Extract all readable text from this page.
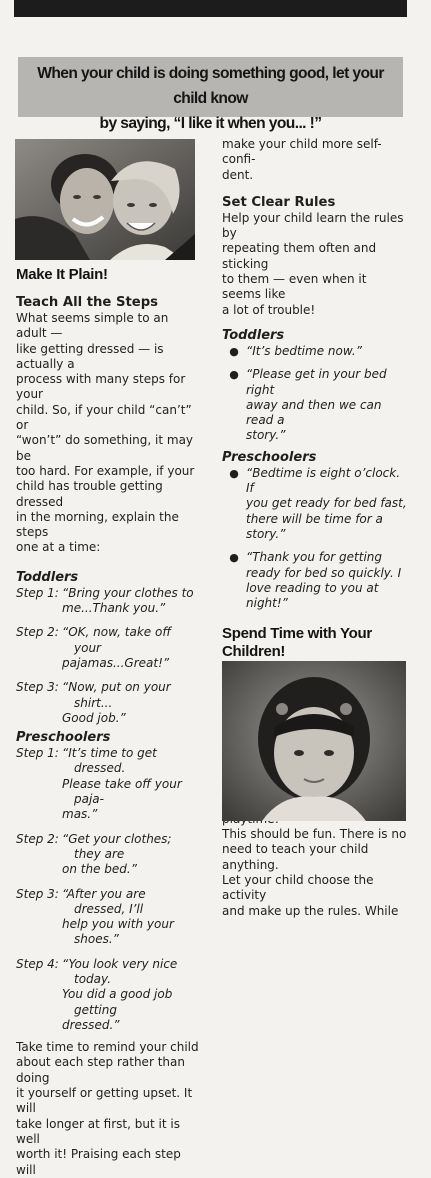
When your child is doing something good, let your child know
by saying, “I like it when you... !”
Make It Plain!
Teach All the Steps

What seems simple to an adult —
like getting dressed — is actually a
process with many steps for your
child. So, if your child “can’t” or
“won’t” do something, it may be
too hard. For example, if your
child has trouble getting dressed
in the morning, explain the steps
one at a time:

Toddlers
Step 1: “Bring your clothes to
me...Thank you.”
Step 2: “OK, now, take off your
pajamas...Great!”
Step 3: “Now, put on your shirt...
Good job.”
Preschoolers
Step 1: “It’s time to get dressed.
Please take off your paja-
mas.”
Step 2: “Get your clothes; they are
on the bed.”
Step 3: “After you are dressed, I’ll
help you with your shoes.”
Step 4: “You look very nice today.
You did a good job getting
dressed.”

Take time to remind your child
about each step rather than doing
it yourself or getting upset. It will
take longer at first, but it is well
worth it! Praising each step will

make your child more self-confi-
dent.

Set Clear Rules

Help your child learn the rules by
repeating them often and sticking
to them — even when it seems like
a lot of trouble!

Toddlers
● “It’s bedtime now.”
● “Please get in your bed right
away and then we can read a
story.”
Preschoolers
● “Bedtime is eight o’clock. If
you get ready for bed fast,
there will be time for a story.”
● “Thank you for getting
ready for bed so quickly. I
love reading to you at night!”
Spend Time with Your Children!

This should be fun. There is no
need to teach your child anything.
Let your child choose the activity
and make up the rules. While
